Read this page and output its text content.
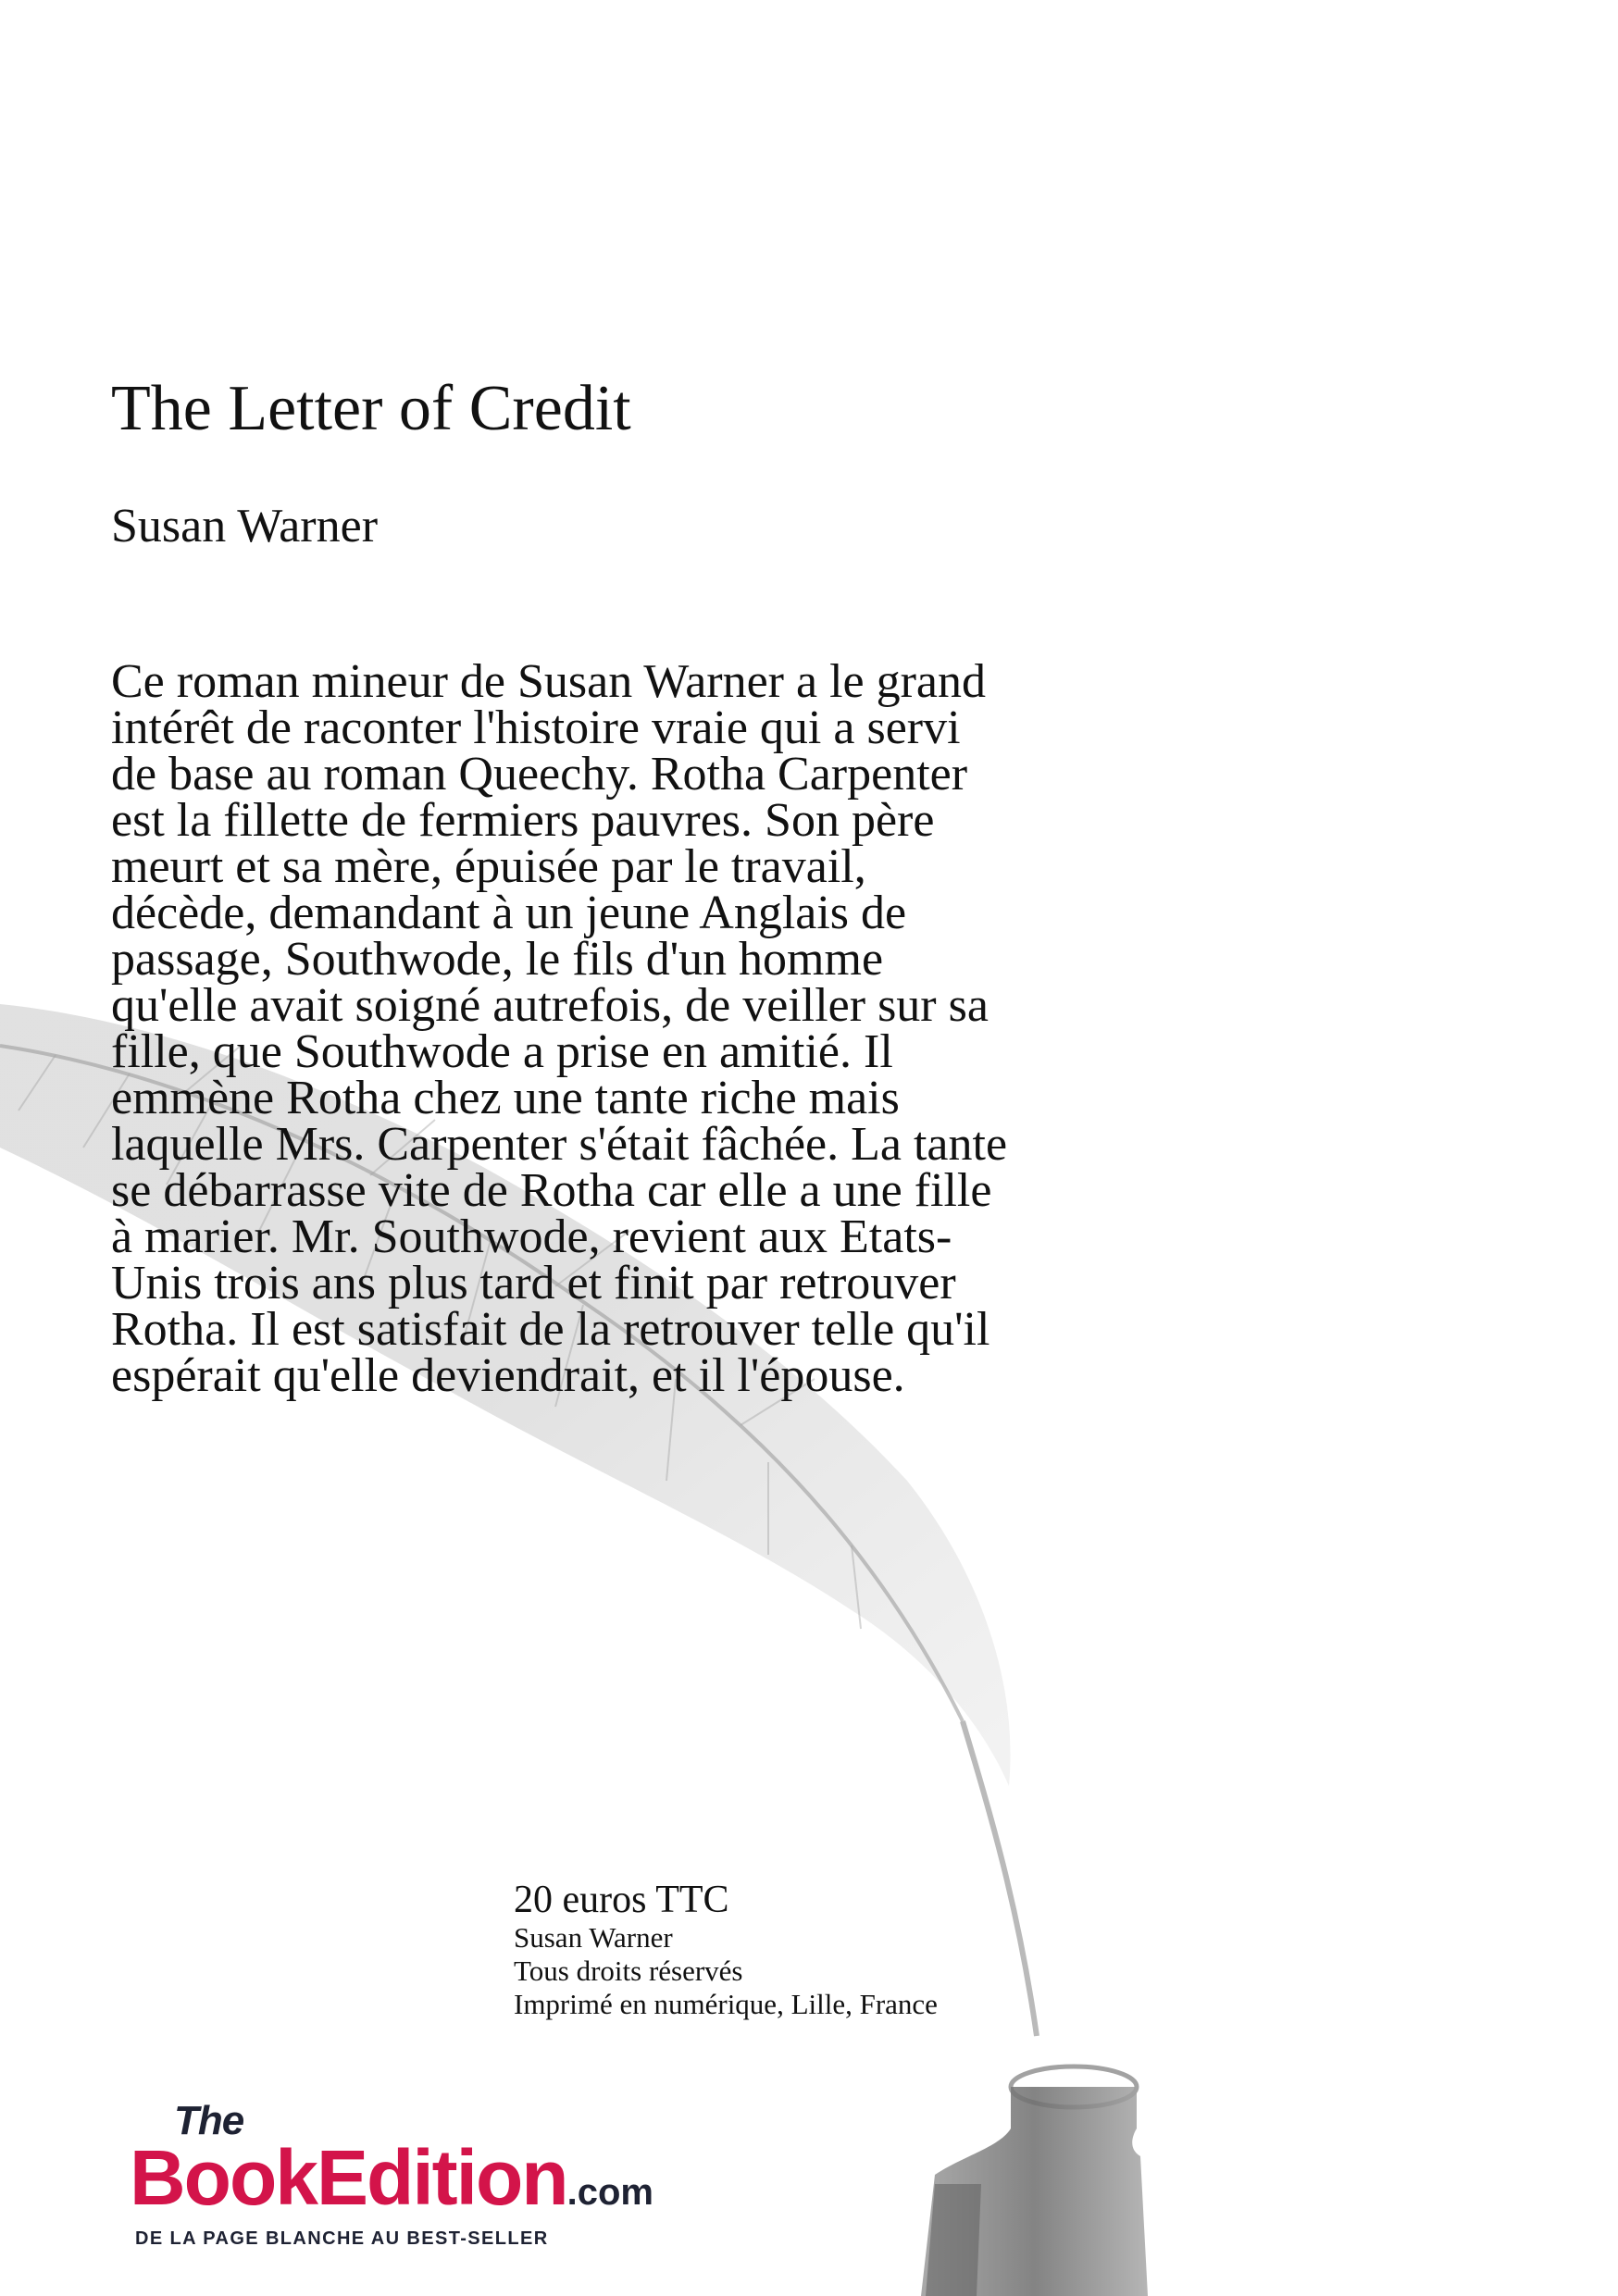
The Letter of Credit
Susan Warner
Ce roman mineur de Susan Warner a le grand
intérêt de raconter l'histoire vraie qui a servi
de base au roman Queechy. Rotha Carpenter
est la fillette de fermiers pauvres. Son père
meurt et sa mère, épuisée par le travail,
décède, demandant à un jeune Anglais de
passage, Southwode, le fils d'un homme
qu'elle avait soigné autrefois, de veiller sur sa
fille, que Southwode a prise en amitié. Il
emmène Rotha chez une tante riche mais
laquelle Mrs. Carpenter s'était fâchée. La tante
se débarrasse vite de Rotha car elle a une fille
à marier. Mr. Southwode, revient aux Etats-
Unis trois ans plus tard et finit par retrouver
Rotha. Il est satisfait de la retrouver telle qu'il
espérait qu'elle deviendrait, et il l'épouse.
20 euros TTC
Susan Warner
Tous droits réservés
Imprimé en numérique, Lille, France
The
BookEdition.com
DE LA PAGE BLANCHE AU BEST-SELLER
